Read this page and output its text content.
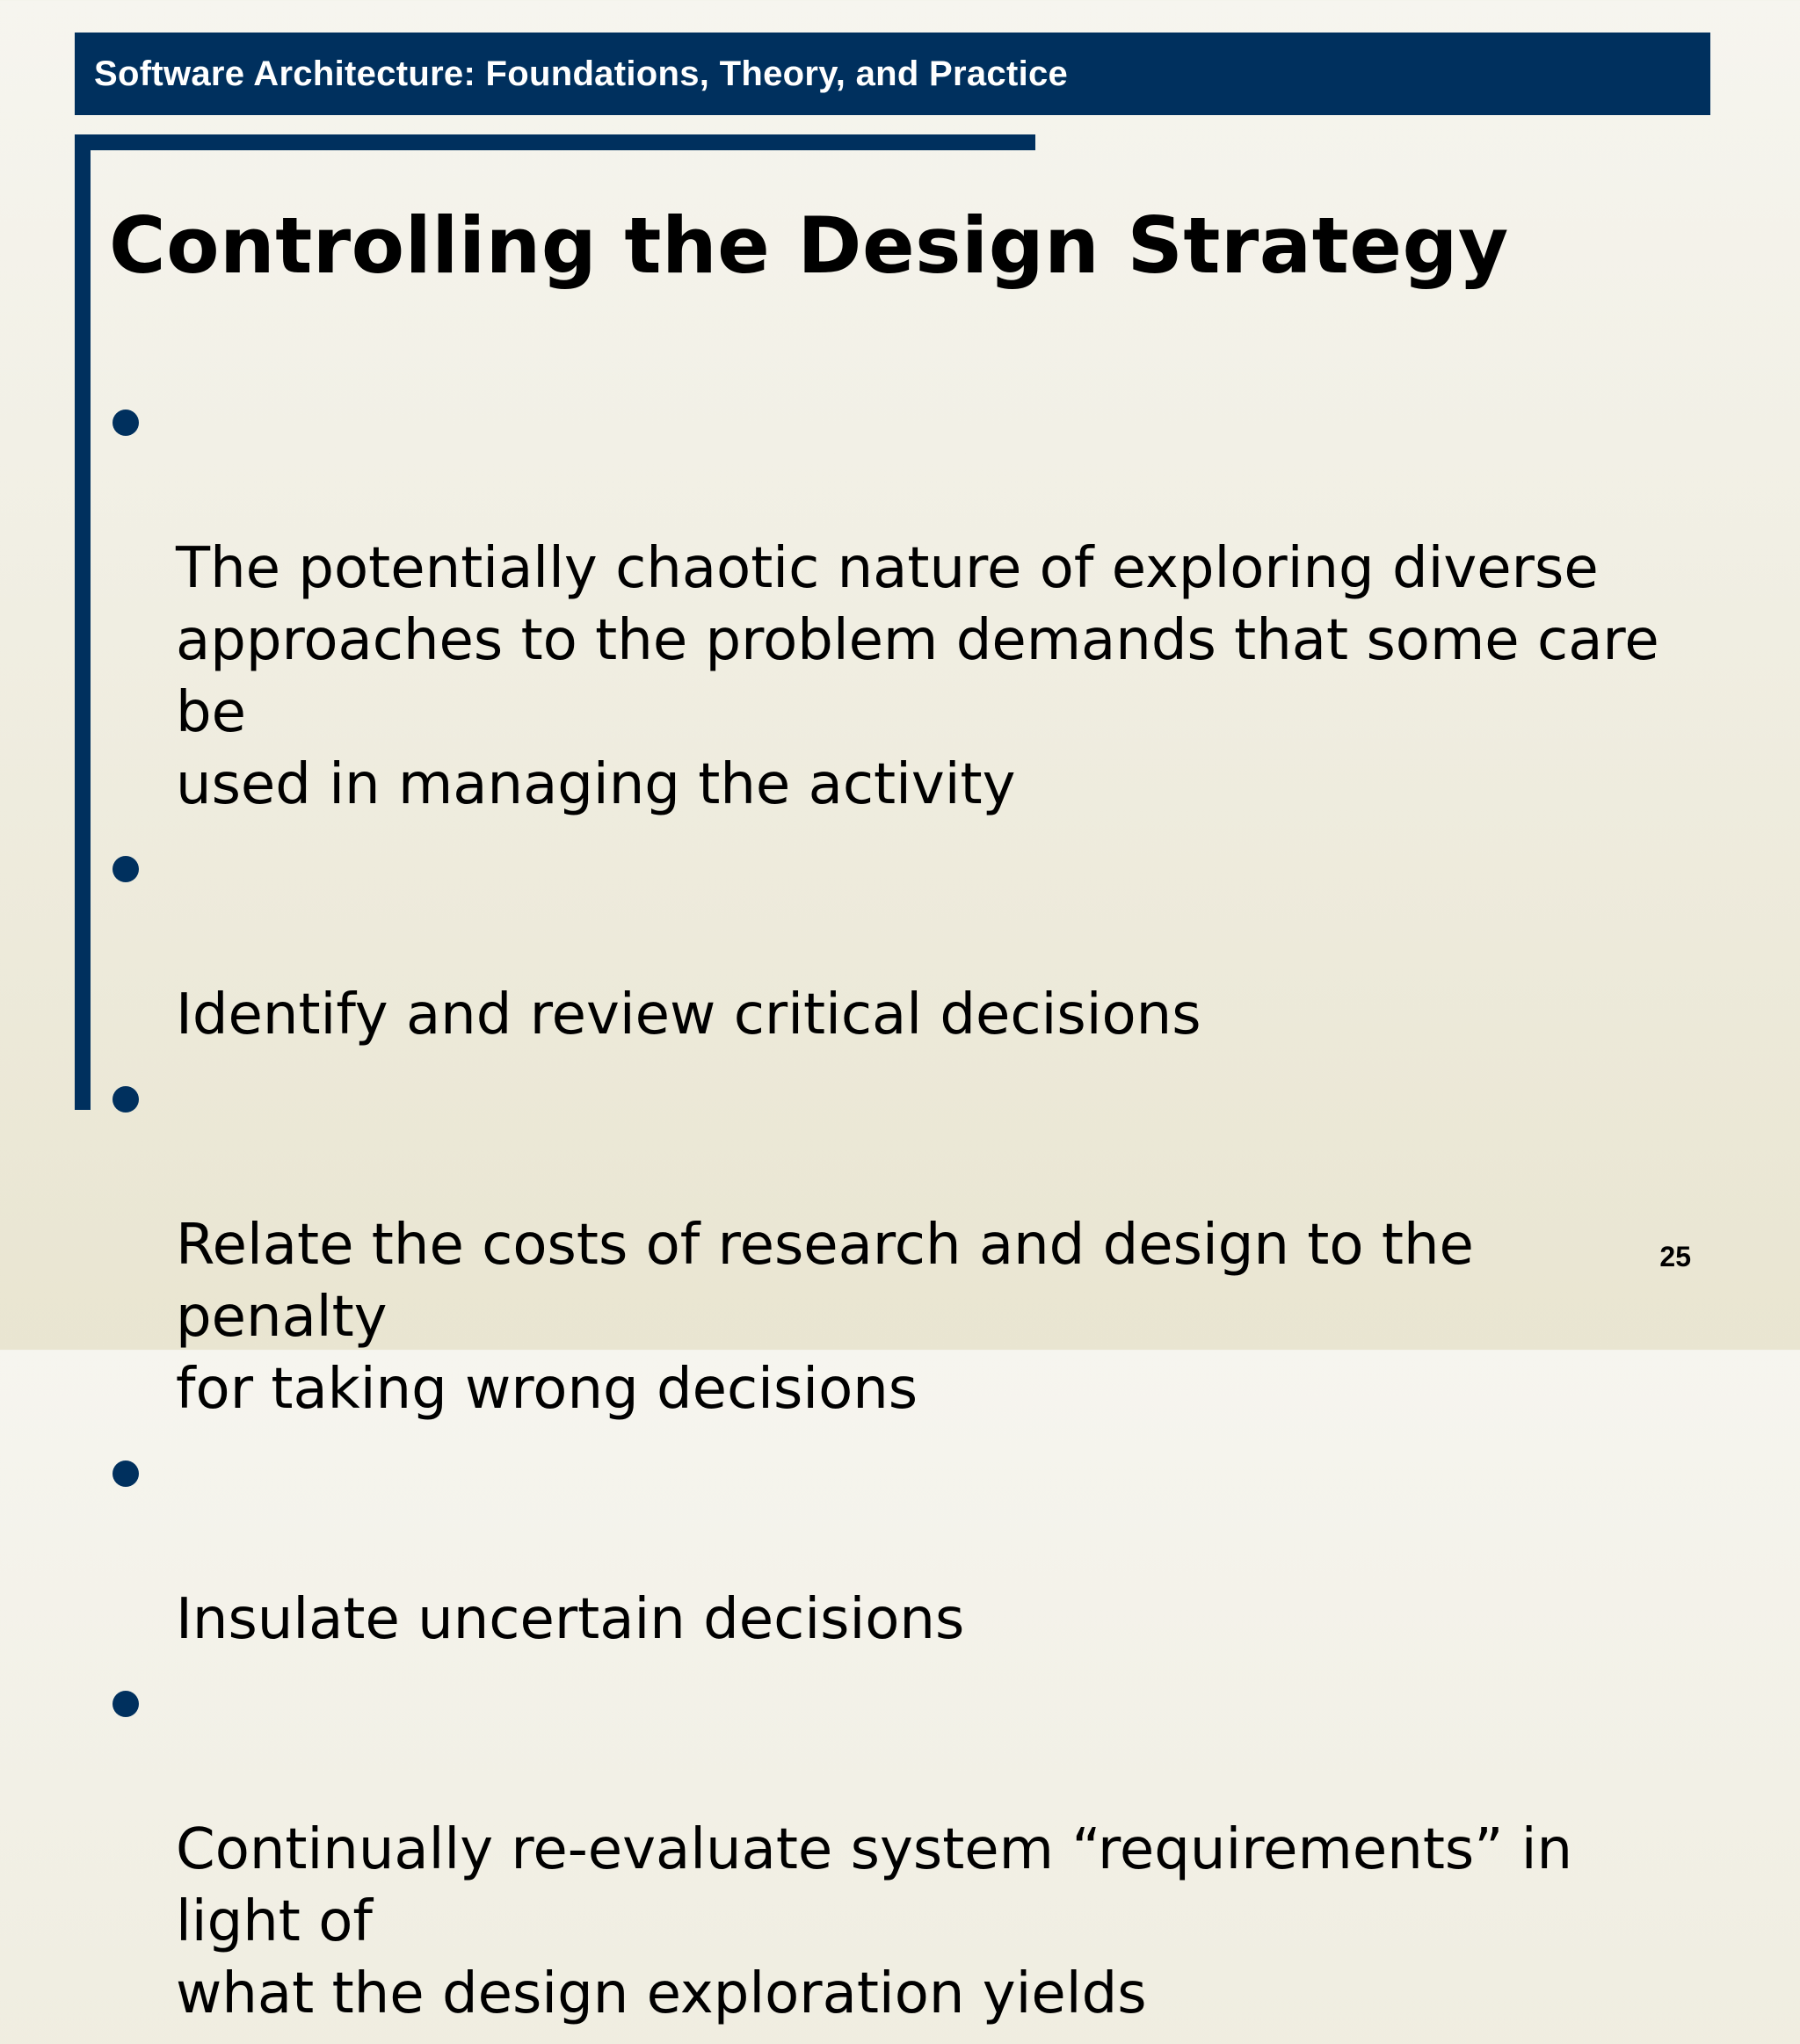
Software Architecture: Foundations, Theory, and Practice
Controlling the Design Strategy

The potentially chaotic nature of exploring diverse
approaches to the problem demands that some care be
used in managing the activity

Identify and review critical decisions

Relate the costs of research and design to the penalty
for taking wrong decisions

Insulate uncertain decisions

Continually re-evaluate system “requirements” in light of
what the design exploration yields

25
